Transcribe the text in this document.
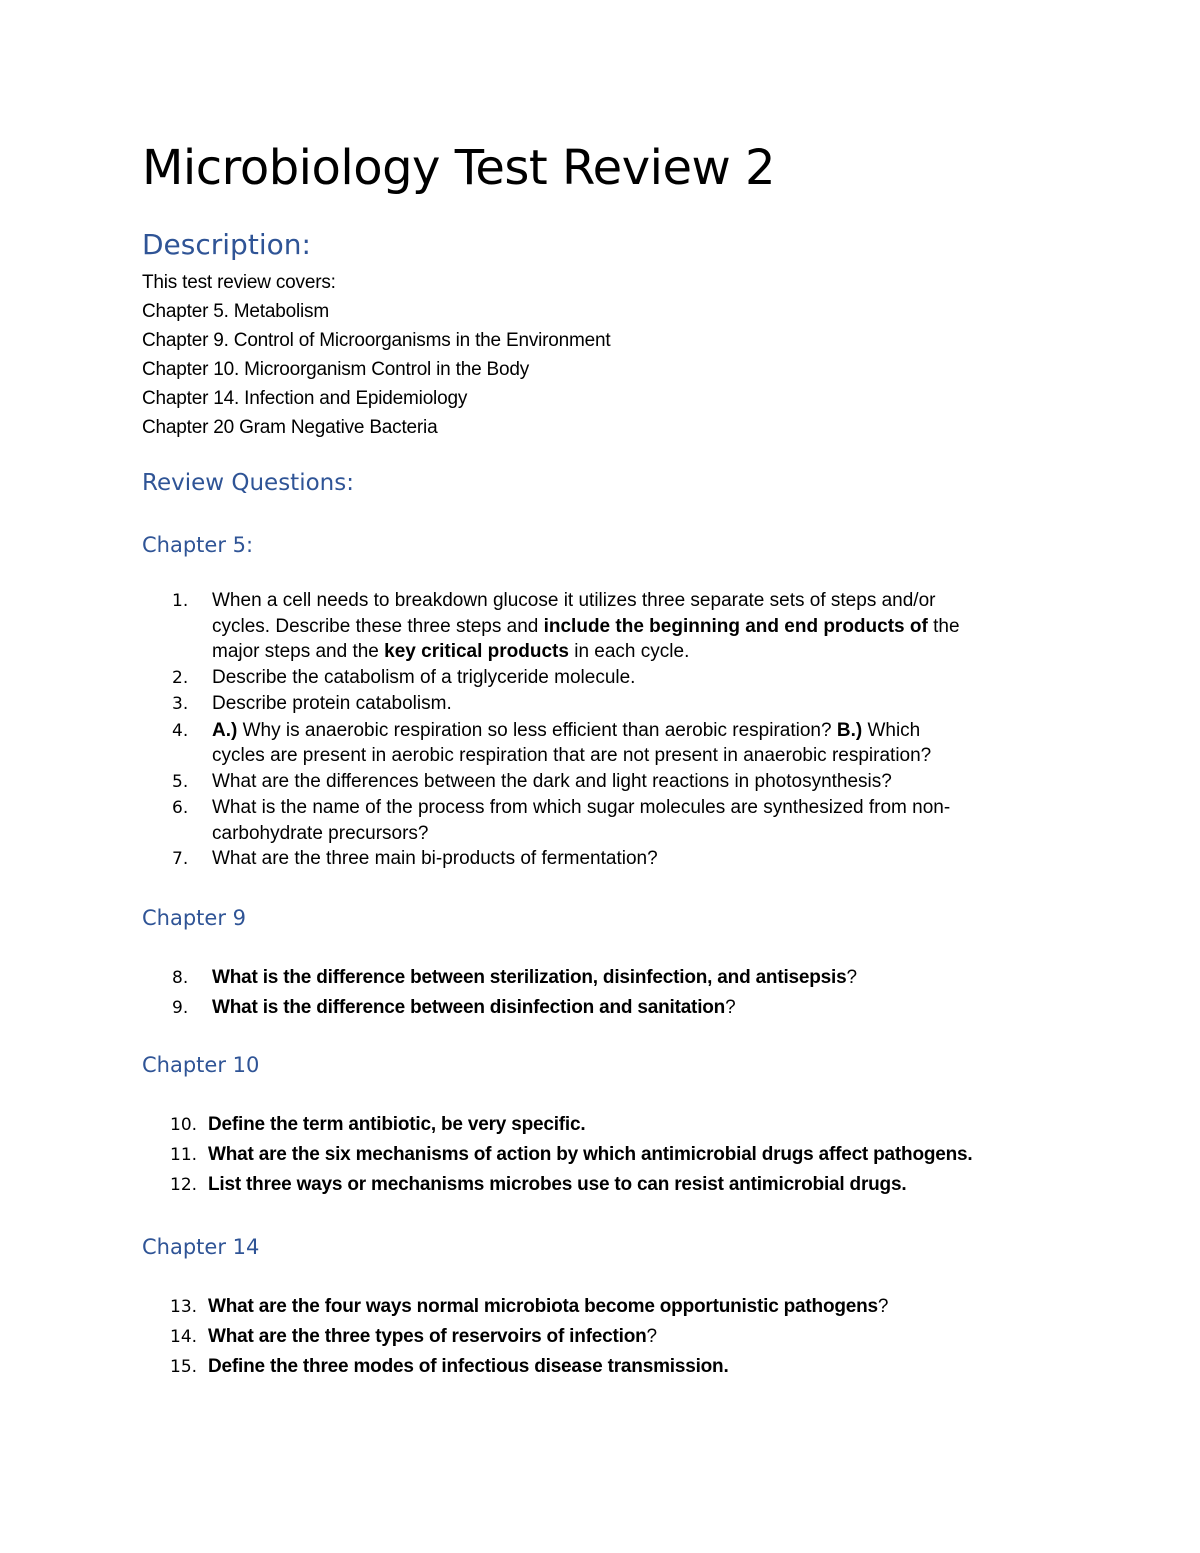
Microbiology Test Review 2
Description:
This test review covers:
Chapter 5. Metabolism
Chapter 9. Control of Microorganisms in the Environment
Chapter 10. Microorganism Control in the Body
Chapter 14. Infection and Epidemiology
Chapter 20 Gram Negative Bacteria
Review Questions:
Chapter 5:
1. When a cell needs to breakdown glucose it utilizes three separate sets of steps and/or
cycles. Describe these three steps and include the beginning and end products of the
major steps and the key critical products in each cycle.
2. Describe the catabolism of a triglyceride molecule.
3. Describe protein catabolism.
4. A.) Why is anaerobic respiration so less efficient than aerobic respiration? B.) Which
cycles are present in aerobic respiration that are not present in anaerobic respiration?
5. What are the differences between the dark and light reactions in photosynthesis?
6. What is the name of the process from which sugar molecules are synthesized from non-
carbohydrate precursors?
7. What are the three main bi-products of fermentation?
Chapter 9
8. What is the difference between sterilization, disinfection, and antisepsis?
9. What is the difference between disinfection and sanitation?
Chapter 10
10. Define the term antibiotic, be very specific.
11. What are the six mechanisms of action by which antimicrobial drugs affect pathogens.
12. List three ways or mechanisms microbes use to can resist antimicrobial drugs.
Chapter 14
13. What are the four ways normal microbiota become opportunistic pathogens?
14. What are the three types of reservoirs of infection?
15. Define the three modes of infectious disease transmission.
